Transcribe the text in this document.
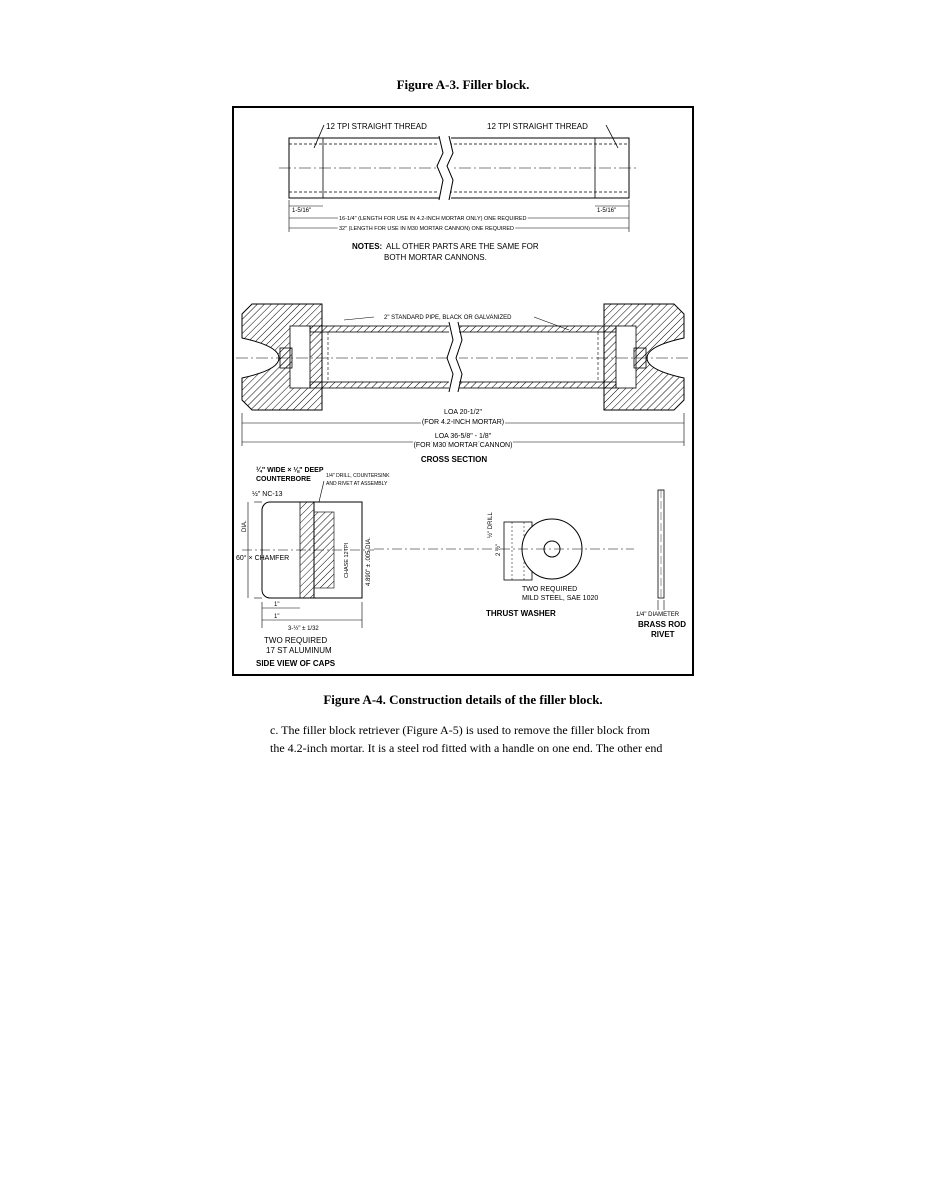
Figure A-3. Filler block.
12 TPI STRAIGHT THREAD	12 TPI STRAIGHT THREAD
1-5/16"	1-5/16"
16-1/4" (LENGTH FOR USE IN 4.2-INCH MORTAR ONLY) ONE REQUIRED
32" (LENGTH FOR USE IN M30 MORTAR CANNON) ONE REQUIRED
NOTES: ALL OTHER PARTS ARE THE SAME FOR
BOTH MORTAR CANNONS.
2" STANDARD PIPE, BLACK OR GALVANIZED
LOA 20-1/2"
(FOR 4.2-INCH MORTAR)
LOA 36-5/8" - 1/8"
(FOR M30 MORTAR CANNON)
CROSS SECTION
¼" WIDE × ⅛" DEEP
COUNTERBORE
½" NC-13
1/4" DRILL, COUNTERSINK
AND RIVET AT ASSEMBLY
DIA.
60° × CHAMFER	CHASE 12TPI	4.890" ± .005 DIA.
1"
1"
3-½" ± 1/32
TWO REQUIRED
17 ST ALUMINUM
SIDE VIEW OF CAPS
½" DRILL
2 ½"
TWO REQUIRED
MILD STEEL, SAE 1020
THRUST WASHER	1/4" DIAMETER
BRASS ROD
RIVET
Figure A-4. Construction details of the filler block.
c. The filler block retriever (Figure A-5) is used to remove the filler block from
the 4.2-inch mortar. It is a steel rod fitted with a handle on one end. The other end
